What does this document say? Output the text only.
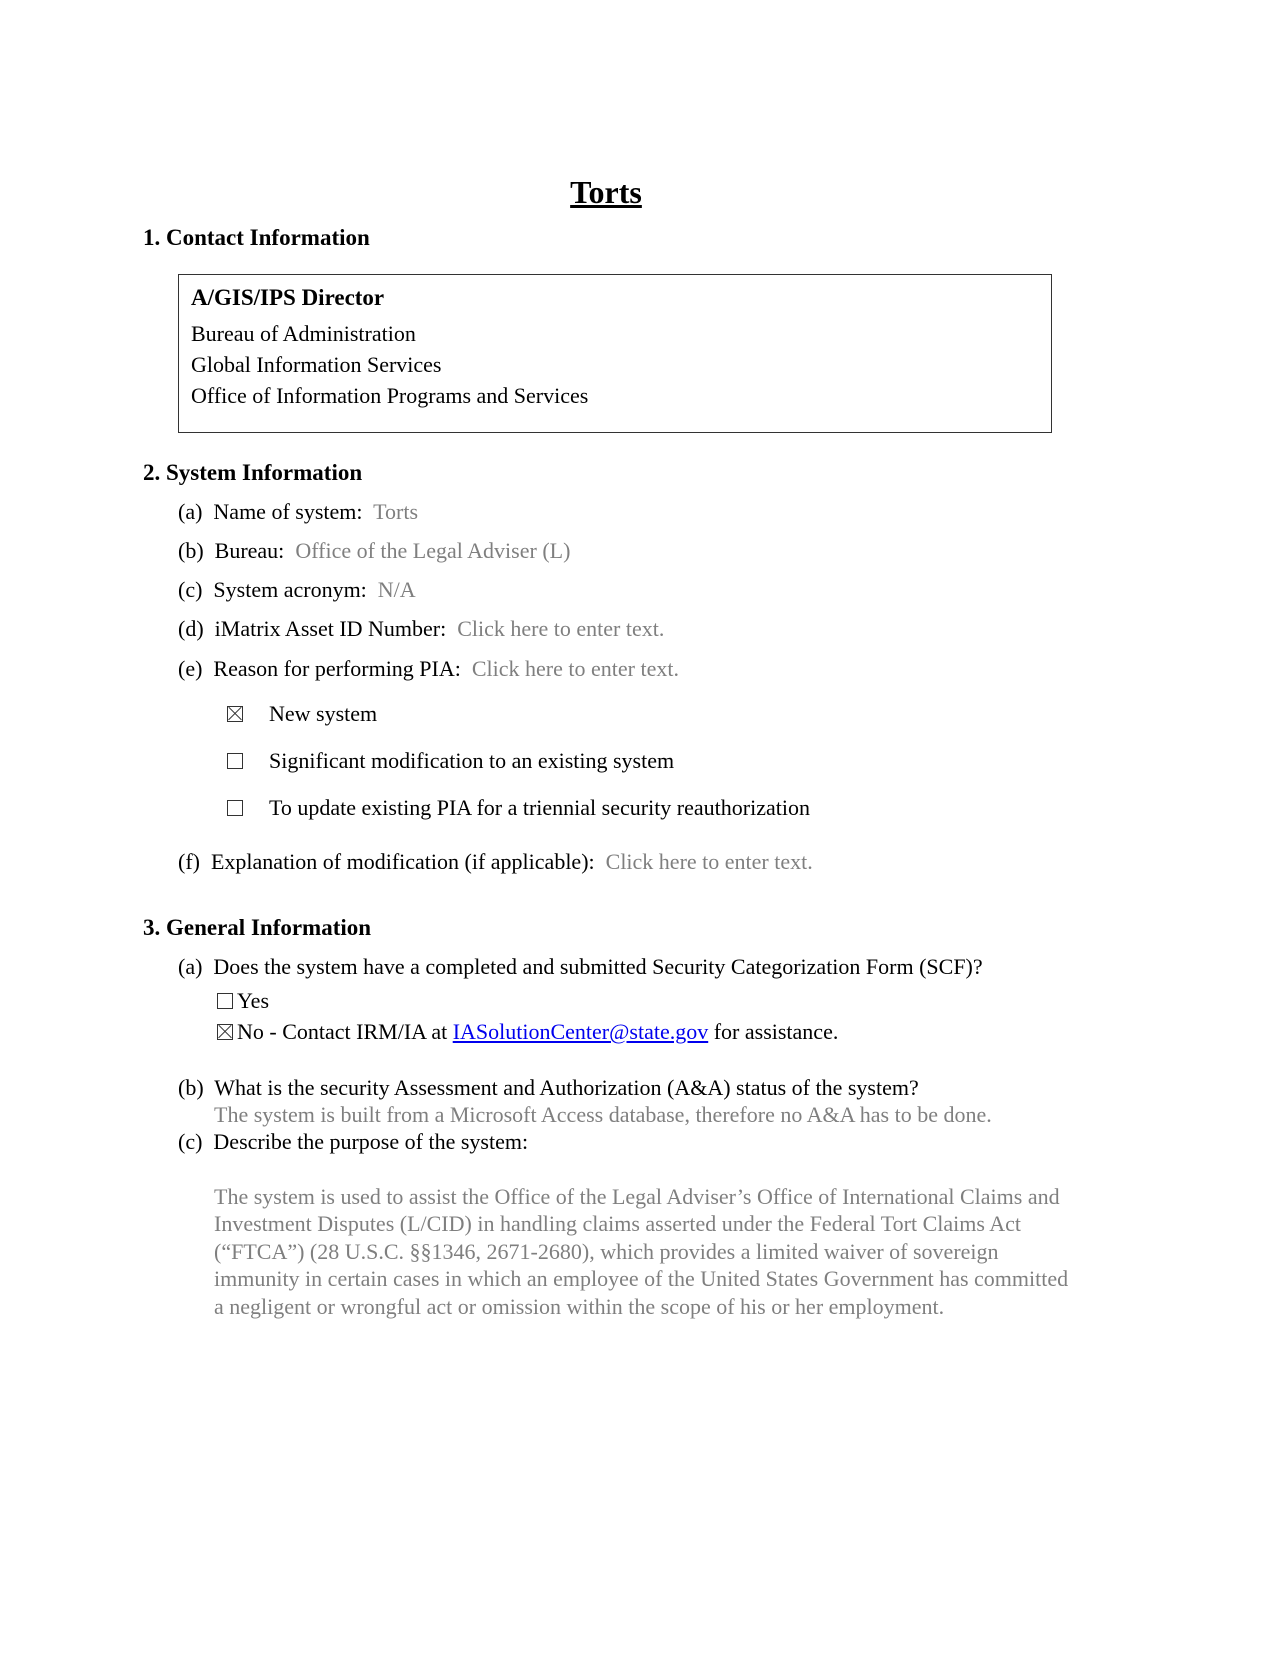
Torts
1. Contact Information
A/GIS/IPS Director
Bureau of Administration
Global Information Services
Office of Information Programs and Services
2. System Information
(a) Name of system: Torts
(b) Bureau: Office of the Legal Adviser (L)
(c) System acronym: N/A
(d) iMatrix Asset ID Number: Click here to enter text.
(e) Reason for performing PIA: Click here to enter text.
New system
Significant modification to an existing system
To update existing PIA for a triennial security reauthorization
(f) Explanation of modification (if applicable): Click here to enter text.
3. General Information
(a) Does the system have a completed and submitted Security Categorization Form (SCF)?
Yes
No - Contact IRM/IA at IASolutionCenter@state.gov for assistance.
(b) What is the security Assessment and Authorization (A&A) status of the system?
The system is built from a Microsoft Access database, therefore no A&A has to be done.
(c) Describe the purpose of the system:
The system is used to assist the Office of the Legal Adviser’s Office of International Claims and Investment Disputes (L/CID) in handling claims asserted under the Federal Tort Claims Act (“FTCA”) (28 U.S.C. §§1346, 2671-2680), which provides a limited waiver of sovereign immunity in certain cases in which an employee of the United States Government has committed a negligent or wrongful act or omission within the scope of his or her employment.
